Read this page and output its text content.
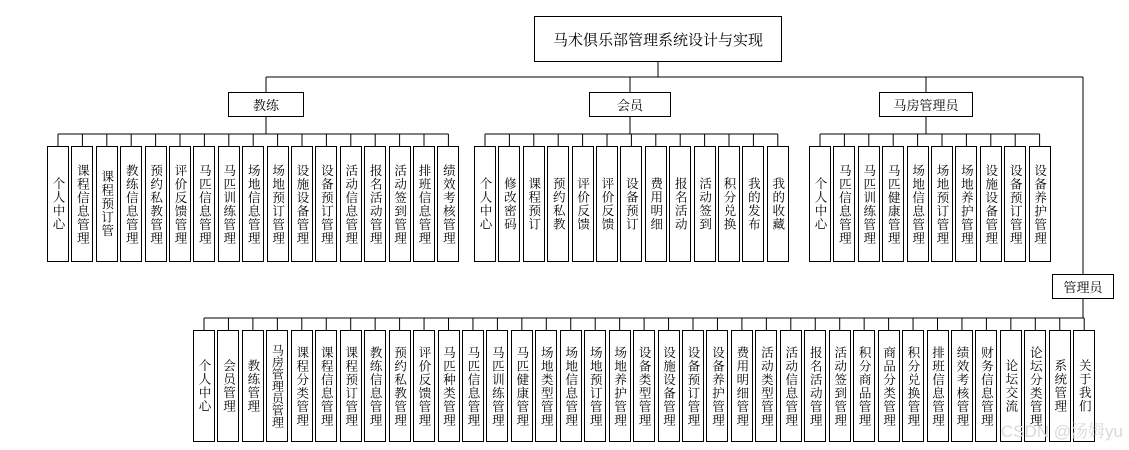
马术俱乐部管理系统设计与实现
教练
个人中心 课程信息管理 课程预订管 教练信息管理 预约私教管理 评价反馈管理 马匹信息管理 马匹训练管理 场地信息管理 场地预订管理 设施设备管理 设备预订管理 活动信息管理 报名活动管理 活动签到管理 排班信息管理 绩效考核管理
会员
个人中心 修改密码 课程预订 预约私教 评价反馈 评价反馈 设备预订 费用明细 报名活动 活动签到 积分兑换 我的发布 我的收藏
马房管理员
个人中心 马匹信息管理 马匹训练管理 马匹健康管理 场地信息管理 场地预订管理 场地养护管理 设施设备管理 设备预订管理 设备养护管理
管理员
个人中心 会员管理 教练管理 马房管理员管理 课程分类管理 课程信息管理 课程预订管理 教练信息管理 预约私教管理 评价反馈管理 马匹种类管理 马匹信息管理 马匹训练管理 马匹健康管理 场地类型管理 场地信息管理 场地预订管理 场地养护管理 设备类型管理 设施设备管理 设备预订管理 设备养护管理 费用明细管理 活动类型管理 活动信息管理 报名活动管理 活动签到管理 积分商品管理 商品分类管理 积分兑换管理 排班信息管理 绩效考核管理 财务信息管理 论坛交流 论坛分类管理 系统管理 关于我们
CSDN @汤姆yu
